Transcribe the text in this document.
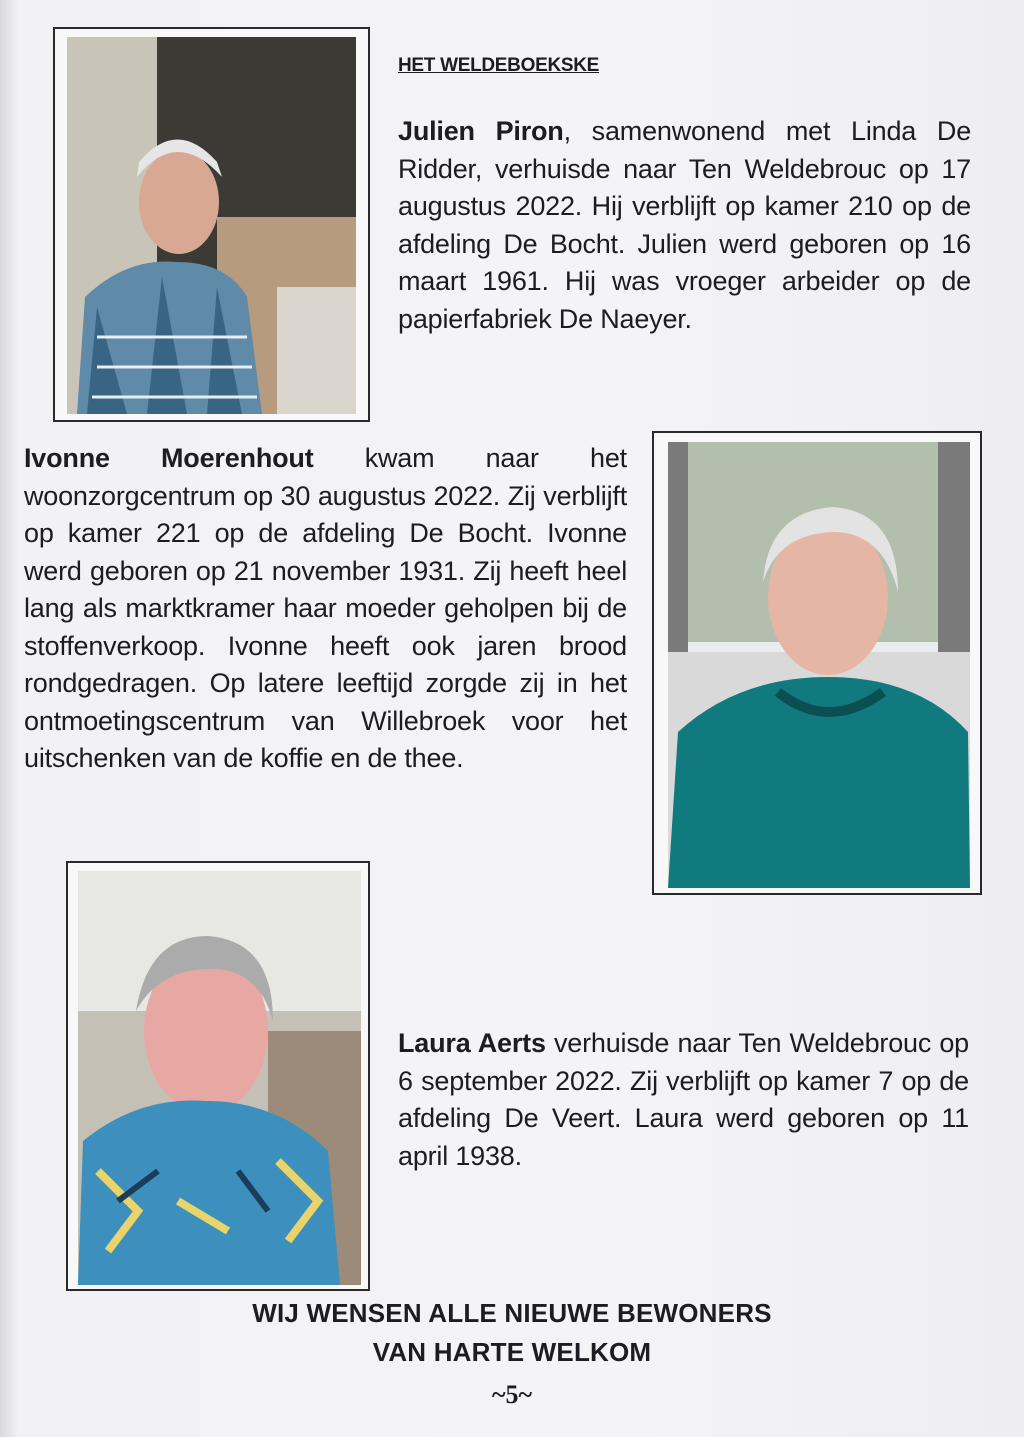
HET WELDEBOEKSKE
Julien Piron, samenwonend met Linda De Ridder, verhuisde naar Ten Weldebrouc op 17 augustus 2022. Hij verblijft op kamer 210 op de afdeling De Bocht. Julien werd geboren op 16 maart 1961. Hij was vroeger arbeider op de papierfabriek De Naeyer.
Ivonne Moerenhout kwam naar het woonzorgcentrum op 30 augustus 2022. Zij verblijft op kamer 221 op de afdeling De Bocht. Ivonne werd geboren op 21 november 1931. Zij heeft heel lang als marktkramer haar moeder geholpen bij de stoffenverkoop. Ivonne heeft ook jaren brood rondgedragen. Op latere leeftijd zorgde zij in het ontmoetingscentrum van Willebroek voor het uitschenken van de koffie en de thee.
Laura Aerts verhuisde naar Ten Weldebrouc op 6 september 2022. Zij verblijft op kamer 7 op de afdeling De Veert. Laura werd geboren op 11 april 1938.
WIJ WENSEN ALLE NIEUWE BEWONERS
VAN HARTE WELKOM
~5~
